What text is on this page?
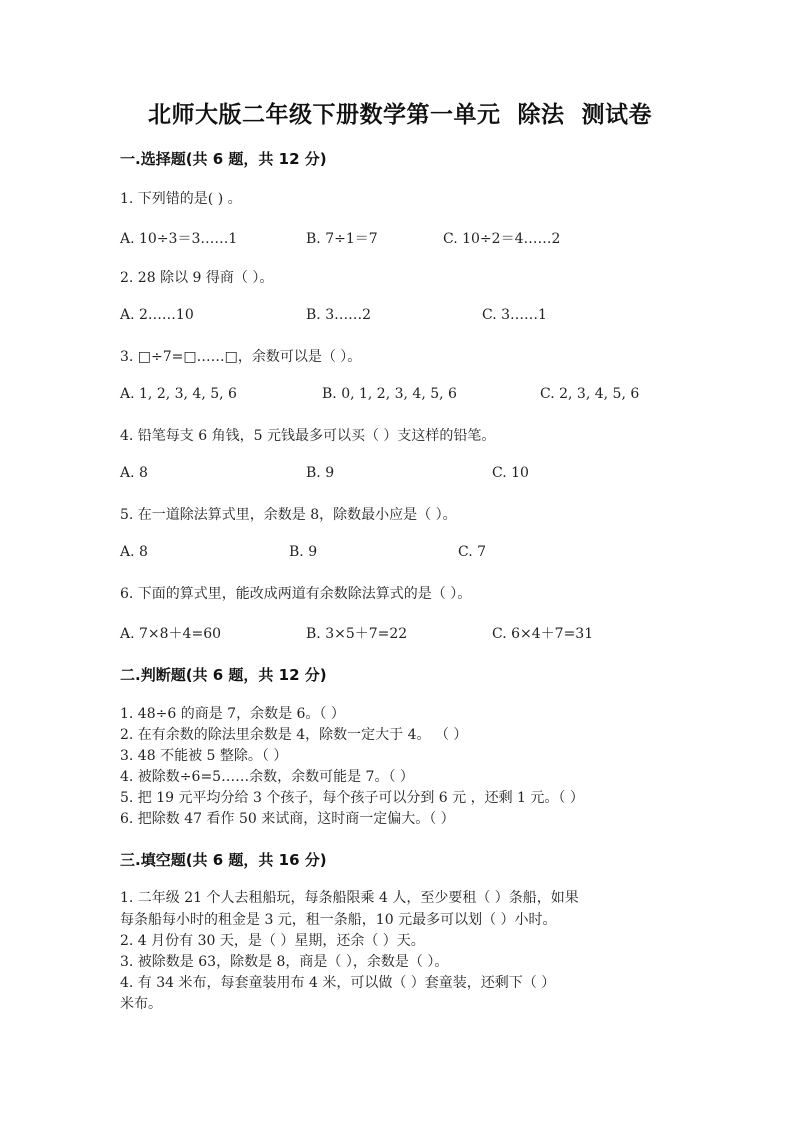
北师大版二年级下册数学第一单元  除法  测试卷
一.选择题(共 6 题，共 12 分)
1. 下列错的是( ) 。
A. 10÷3＝3……1	B. 7÷1＝7	C. 10÷2＝4……2
2. 28 除以 9 得商（ ）。
A. 2……10	B. 3……2	C. 3……1
3. □÷7=□……□，余数可以是（ ）。
A. 1, 2, 3, 4, 5, 6	B. 0, 1, 2, 3, 4, 5, 6	C. 2, 3, 4, 5, 6
4. 铅笔每支 6 角钱，5 元钱最多可以买（ ）支这样的铅笔。
A. 8	B. 9	C. 10
5. 在一道除法算式里，余数是 8，除数最小应是（ ）。
A. 8	B. 9	C. 7
6. 下面的算式里，能改成两道有余数除法算式的是（ ）。
A. 7×8＋4=60	B. 3×5＋7=22	C. 6×4＋7=31
二.判断题(共 6 题，共 12 分)
1. 48÷6 的商是 7，余数是 6。（ ）
2. 在有余数的除法里余数是 4，除数一定大于 4。 （ ）
3. 48 不能被 5 整除。（ ）
4. 被除数÷6=5……余数，余数可能是 7。（ ）
5. 把 19 元平均分给 3 个孩子，每个孩子可以分到 6 元 ，还剩 1 元。（ ）
6. 把除数 47 看作 50 来试商，这时商一定偏大。（ ）
三.填空题(共 6 题，共 16 分)
1. 二年级 21 个人去租船玩，每条船限乘 4 人，至少要租（ ）条船，如果
每条船每小时的租金是 3 元，租一条船，10 元最多可以划（ ）小时。
2. 4 月份有 30 天，是（ ）星期，还余（ ）天。
3. 被除数是 63，除数是 8，商是（ ），余数是（ ）。
4. 有 34 米布，每套童装用布 4 米，可以做（ ）套童装，还剩下（ ）
米布。
